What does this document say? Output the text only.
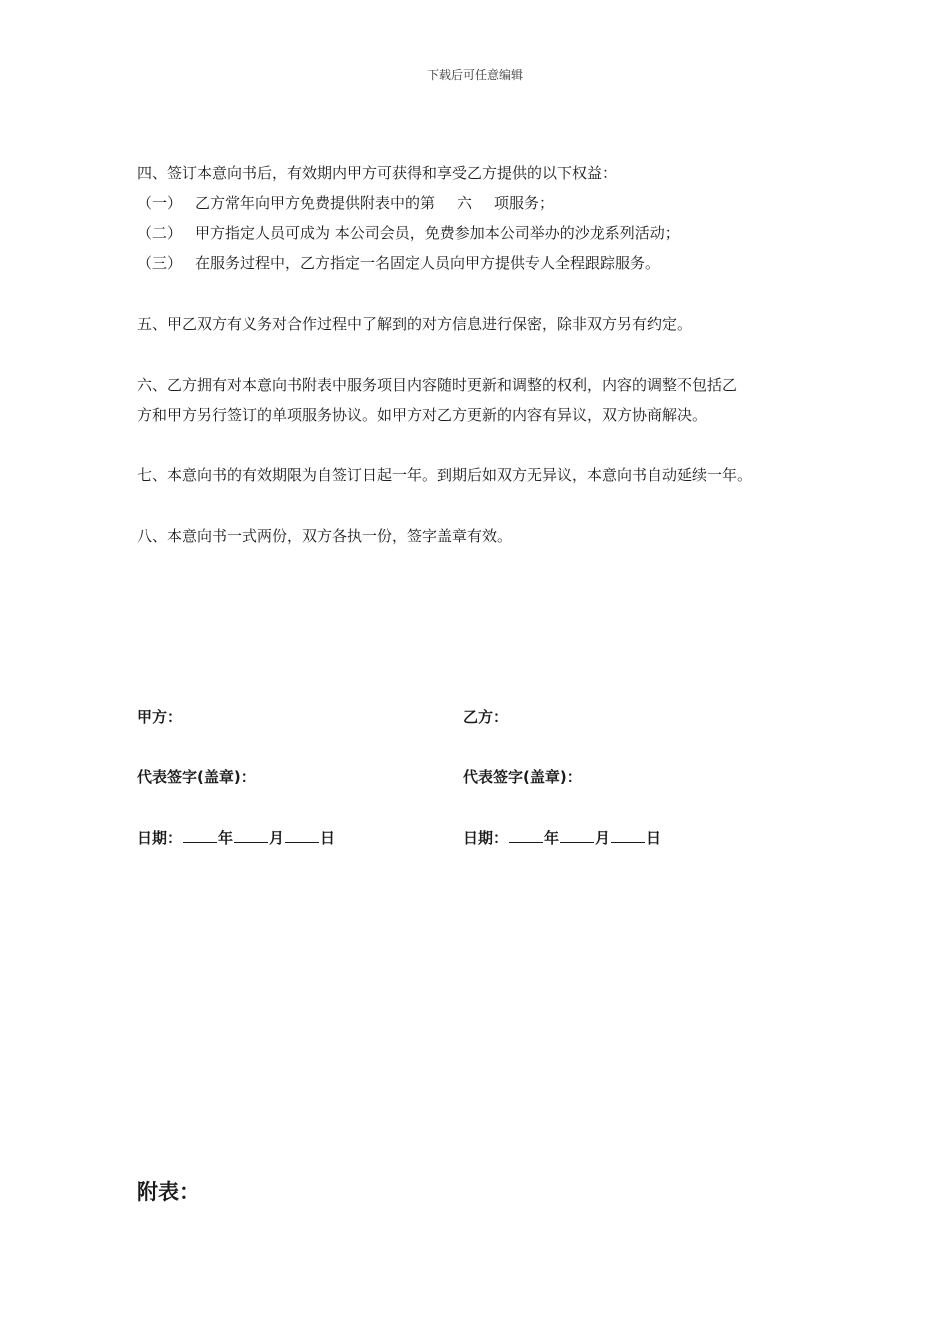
下载后可任意编辑
四、签订本意向书后，有效期内甲方可获得和享受乙方提供的以下权益：
（一） 乙方常年向甲方免费提供附表中的第 六 项服务；
（二） 甲方指定人员可成为 本公司会员，免费参加本公司举办的沙龙系列活动；
（三） 在服务过程中，乙方指定一名固定人员向甲方提供专人全程跟踪服务。
五、甲乙双方有义务对合作过程中了解到的对方信息进行保密，除非双方另有约定。
六、乙方拥有对本意向书附表中服务项目内容随时更新和调整的权利，内容的调整不包括乙
方和甲方另行签订的单项服务协议。如甲方对乙方更新的内容有异议，双方协商解决。
七、本意向书的有效期限为自签订日起一年。到期后如双方无异议，本意向书自动延续一年。
八、本意向书一式两份，双方各执一份，签字盖章有效。
甲方：
代表签字(盖章)：
日期： 年 月 日
乙方：
代表签字(盖章)：
日期： 年 月 日
附表：
